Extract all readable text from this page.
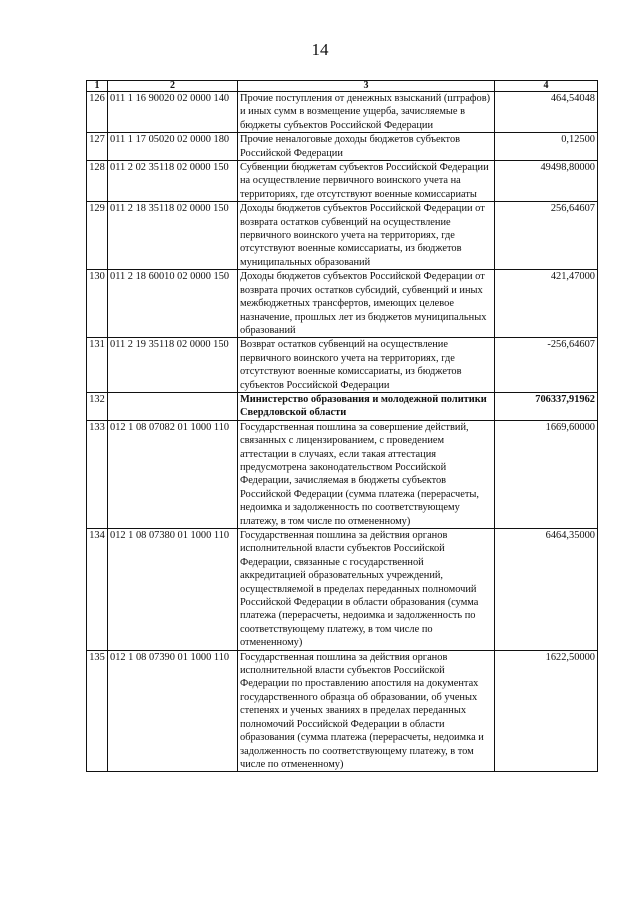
14
1	2	3	4
126	011 1 16 90020 02 0000 140	Прочие поступления от денежных взысканий (штрафов) и иных сумм в возмещение ущерба, зачисляемые в бюджеты субъектов Российской Федерации	464,54048
127	011 1 17 05020 02 0000 180	Прочие неналоговые доходы бюджетов субъектов Российской Федерации	0,12500
128	011 2 02 35118 02 0000 150	Субвенции бюджетам субъектов Российской Федерации на осуществление первичного воинского учета на территориях, где отсутствуют военные комиссариаты	49498,80000
129	011 2 18 35118 02 0000 150	Доходы бюджетов субъектов Российской Федерации от возврата остатков субвенций на осуществление первичного воинского учета на территориях, где отсутствуют военные комиссариаты, из бюджетов муниципальных образований	256,64607
130	011 2 18 60010 02 0000 150	Доходы бюджетов субъектов Российской Федерации от возврата прочих остатков субсидий, субвенций и иных межбюджетных трансфертов, имеющих целевое назначение, прошлых лет из бюджетов муниципальных образований	421,47000
131	011 2 19 35118 02 0000 150	Возврат остатков субвенций на осуществление первичного воинского учета на территориях, где отсутствуют военные комиссариаты, из бюджетов субъектов Российской Федерации	-256,64607
132		Министерство образования и молодежной политики Свердловской области	706337,91962
133	012 1 08 07082 01 1000 110	Государственная пошлина за совершение действий, связанных с лицензированием, с проведением аттестации в случаях, если такая аттестация предусмотрена законодательством Российской Федерации, зачисляемая в бюджеты субъектов Российской Федерации (сумма платежа (перерасчеты, недоимка и задолженность по соответствующему платежу, в том числе по отмененному)	1669,60000
134	012 1 08 07380 01 1000 110	Государственная пошлина за действия органов исполнительной власти субъектов Российской Федерации, связанные с государственной аккредитацией образовательных учреждений, осуществляемой в пределах переданных полномочий Российской Федерации в области образования (сумма платежа (перерасчеты, недоимка и задолженность по соответствующему платежу, в том числе по отмененному)	6464,35000
135	012 1 08 07390 01 1000 110	Государственная пошлина за действия органов исполнительной власти субъектов Российской Федерации по проставлению апостиля на документах государственного образца об образовании, об ученых степенях и ученых званиях в пределах переданных полномочий Российской Федерации в области образования (сумма платежа (перерасчеты, недоимка и задолженность по соответствующему платежу, в том числе по отмененному)	1622,50000
